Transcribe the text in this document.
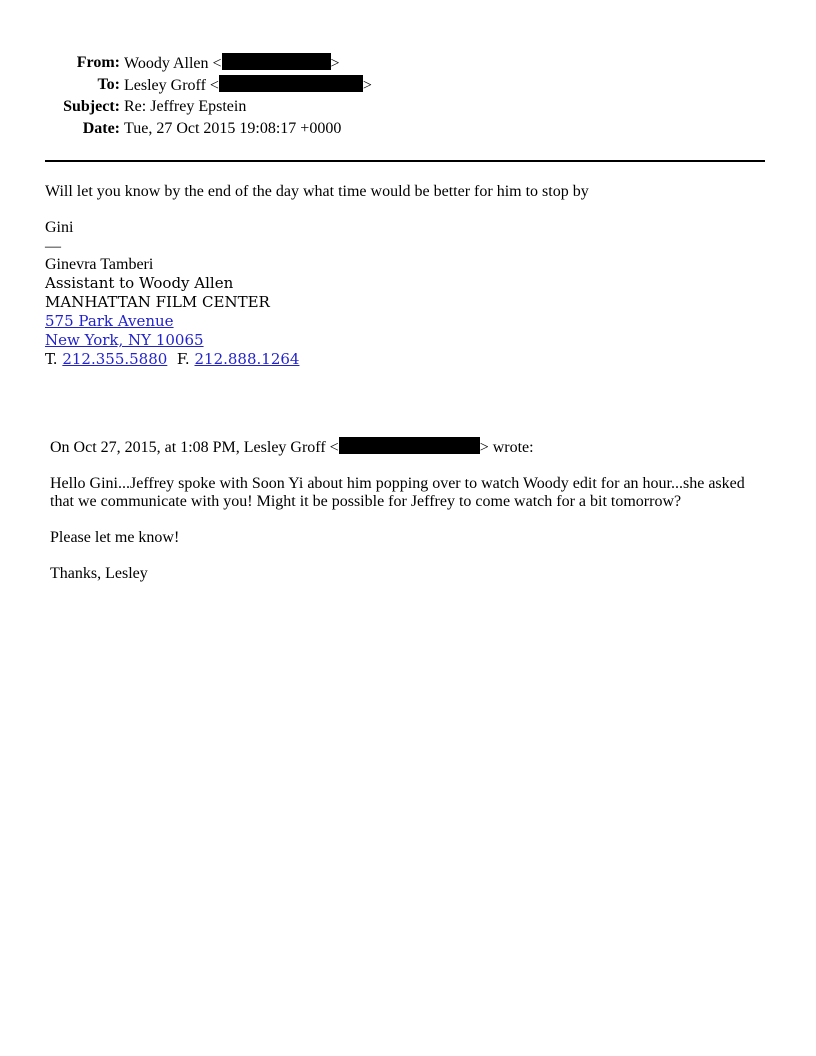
From: Woody Allen <	>
To: Lesley Groff <	>
Subject: Re: Jeffrey Epstein
Date: Tue, 27 Oct 2015 19:08:17 +0000

Will let you know by the end of the day what time would be better for him to stop by

Gini

—

Ginevra Tamberi

Assistant to Woody Allen

MANHATTAN FILM CENTER

575 Park Avenue

New York, NY 10065

T. 212.355.5880  F. 212.888.1264

On Oct 27, 2015, at 1:08 PM, Lesley Groff <	> wrote:

Hello Gini...Jeffrey spoke with Soon Yi about him popping over to watch Woody edit for an hour...she asked that we communicate with you! Might it be possible for Jeffrey to come watch for a bit tomorrow?

Please let me know!

Thanks, Lesley
